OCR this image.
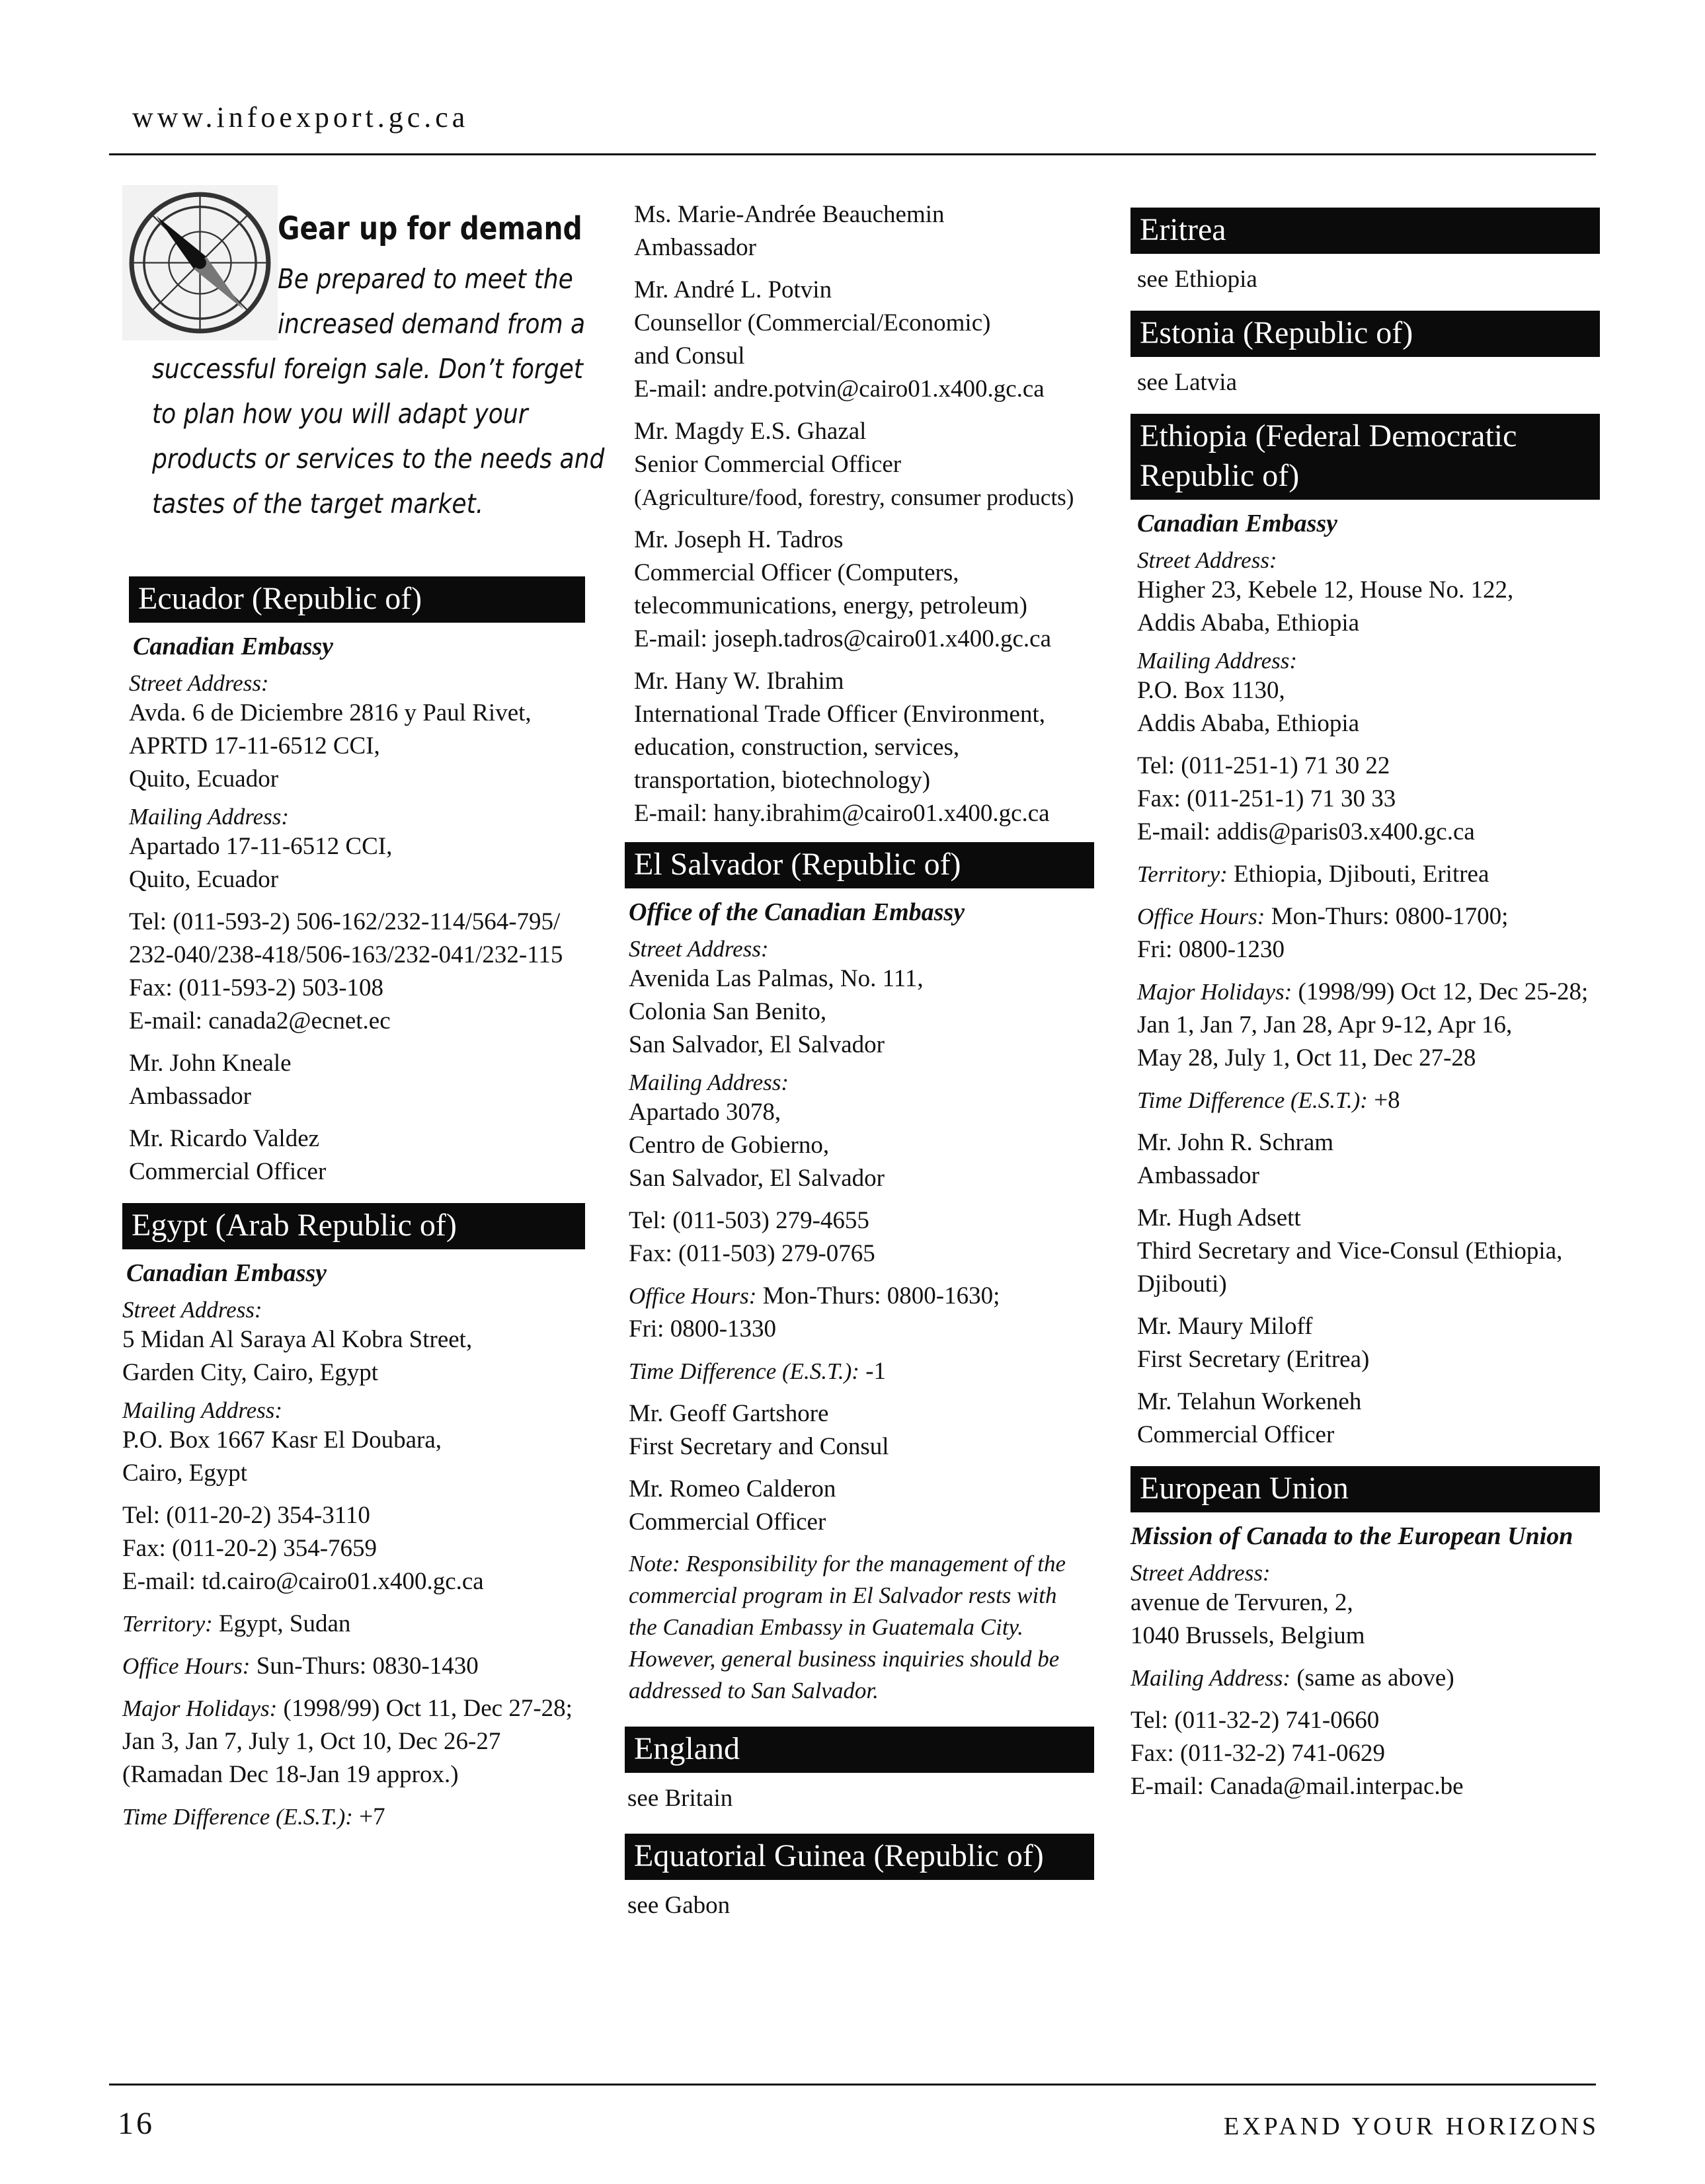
www.infoexport.gc.ca
Gear up for demand
Be prepared to meet the
increased demand from a
successful foreign sale. Don’t forget
to plan how you will adapt your
products or services to the needs and
tastes of the target market.
Ecuador (Republic of)
Canadian Embassy
Street Address:
Avda. 6 de Diciembre 2816 y Paul Rivet,
APRTD 17-11-6512 CCI,
Quito, Ecuador
Mailing Address:
Apartado 17-11-6512 CCI,
Quito, Ecuador
Tel: (011-593-2) 506-162/232-114/564-795/
232-040/238-418/506-163/232-041/232-115
Fax: (011-593-2) 503-108
E-mail: canada2@ecnet.ec
Mr. John Kneale
Ambassador
Mr. Ricardo Valdez
Commercial Officer
Egypt (Arab Republic of)
Canadian Embassy
Street Address:
5 Midan Al Saraya Al Kobra Street,
Garden City, Cairo, Egypt
Mailing Address:
P.O. Box 1667 Kasr El Doubara,
Cairo, Egypt
Tel: (011-20-2) 354-3110
Fax: (011-20-2) 354-7659
E-mail: td.cairo@cairo01.x400.gc.ca
Territory: Egypt, Sudan
Office Hours: Sun-Thurs: 0830-1430
Major Holidays: (1998/99) Oct 11, Dec 27-28;
Jan 3, Jan 7, July 1, Oct 10, Dec 26-27
(Ramadan Dec 18-Jan 19 approx.)
Time Difference (E.S.T.): +7
Ms. Marie-Andrée Beauchemin
Ambassador
Mr. André L. Potvin
Counsellor (Commercial/Economic)
and Consul
E-mail: andre.potvin@cairo01.x400.gc.ca
Mr. Magdy E.S. Ghazal
Senior Commercial Officer
(Agriculture/food, forestry, consumer products)
Mr. Joseph H. Tadros
Commercial Officer (Computers,
telecommunications, energy, petroleum)
E-mail: joseph.tadros@cairo01.x400.gc.ca
Mr. Hany W. Ibrahim
International Trade Officer (Environment,
education, construction, services,
transportation, biotechnology)
E-mail: hany.ibrahim@cairo01.x400.gc.ca
El Salvador (Republic of)
Office of the Canadian Embassy
Street Address:
Avenida Las Palmas, No. 111,
Colonia San Benito,
San Salvador, El Salvador
Mailing Address:
Apartado 3078,
Centro de Gobierno,
San Salvador, El Salvador
Tel: (011-503) 279-4655
Fax: (011-503) 279-0765
Office Hours: Mon-Thurs: 0800-1630;
Fri: 0800-1330
Time Difference (E.S.T.): -1
Mr. Geoff Gartshore
First Secretary and Consul
Mr. Romeo Calderon
Commercial Officer
Note: Responsibility for the management of the
commercial program in El Salvador rests with
the Canadian Embassy in Guatemala City.
However, general business inquiries should be
addressed to San Salvador.
England
see Britain
Equatorial Guinea (Republic of)
see Gabon
Eritrea
see Ethiopia
Estonia (Republic of)
see Latvia
Ethiopia (Federal Democratic
Republic of)
Canadian Embassy
Street Address:
Higher 23, Kebele 12, House No. 122,
Addis Ababa, Ethiopia
Mailing Address:
P.O. Box 1130,
Addis Ababa, Ethiopia
Tel: (011-251-1) 71 30 22
Fax: (011-251-1) 71 30 33
E-mail: addis@paris03.x400.gc.ca
Territory: Ethiopia, Djibouti, Eritrea
Office Hours: Mon-Thurs: 0800-1700;
Fri: 0800-1230
Major Holidays: (1998/99) Oct 12, Dec 25-28;
Jan 1, Jan 7, Jan 28, Apr 9-12, Apr 16,
May 28, July 1, Oct 11, Dec 27-28
Time Difference (E.S.T.): +8
Mr. John R. Schram
Ambassador
Mr. Hugh Adsett
Third Secretary and Vice-Consul (Ethiopia,
Djibouti)
Mr. Maury Miloff
First Secretary (Eritrea)
Mr. Telahun Workeneh
Commercial Officer
European Union
Mission of Canada to the European Union
Street Address:
avenue de Tervuren, 2,
1040 Brussels, Belgium
Mailing Address: (same as above)
Tel: (011-32-2) 741-0660
Fax: (011-32-2) 741-0629
E-mail: Canada@mail.interpac.be
16	EXPAND YOUR HORIZONS
